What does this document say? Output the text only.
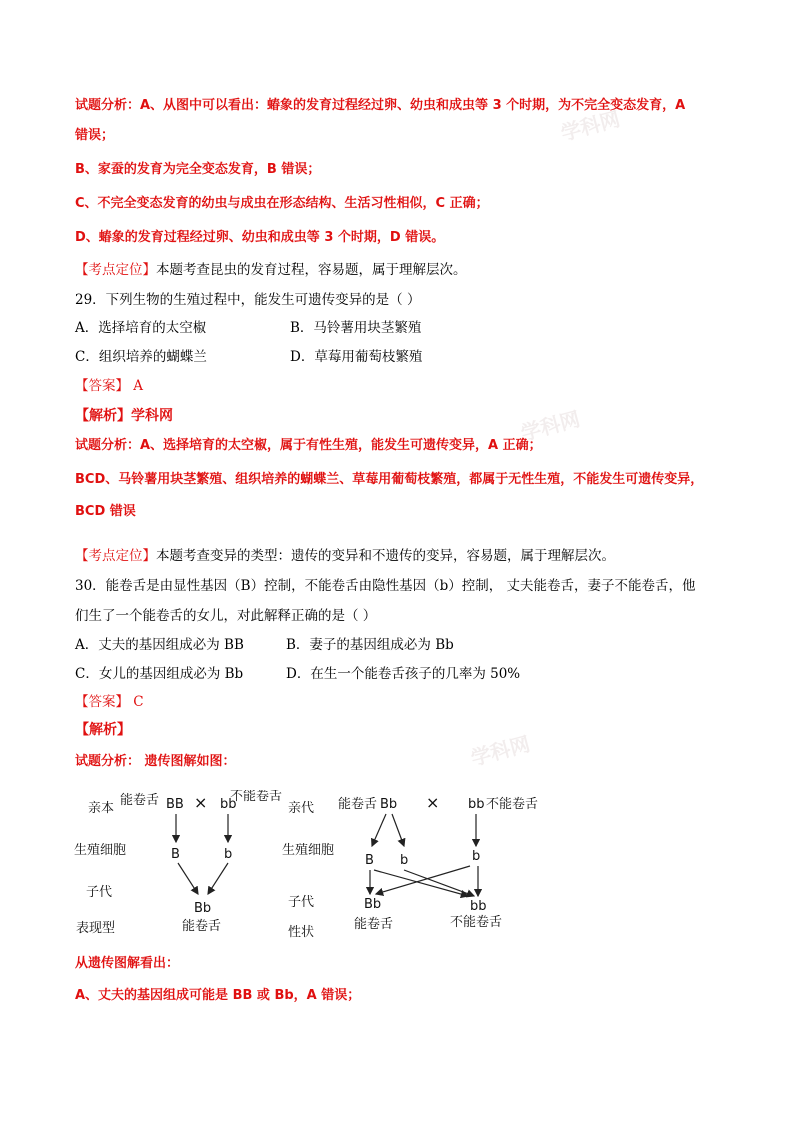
学科网
学科网
学科网
试题分析：A、从图中可以看出：蝽象的发育过程经过卵、幼虫和成虫等 3 个时期，为不完全变态发育，A
错误；
B、家蚕的发育为完全变态发育，B 错误；
C、不完全变态发育的幼虫与成虫在形态结构、生活习性相似，C 正确；
D、蝽象的发育过程经过卵、幼虫和成虫等 3 个时期，D 错误。
【考点定位】本题考查昆虫的发育过程，容易题，属于理解层次。
29．下列生物的生殖过程中，能发生可遗传变异的是（ ）
A．选择培育的太空椒	B．马铃薯用块茎繁殖
C．组织培养的蝴蝶兰	D．草莓用葡萄枝繁殖
【答案】 A
【解析】学科网
试题分析：A、选择培育的太空椒，属于有性生殖，能发生可遗传变异，A 正确；
BCD、马铃薯用块茎繁殖、组织培养的蝴蝶兰、草莓用葡萄枝繁殖，都属于无性生殖，不能发生可遗传变异，
BCD 错误
【考点定位】本题考查变异的类型：遗传的变异和不遗传的变异，容易题，属于理解层次。
30．能卷舌是由显性基因（B）控制，不能卷舌由隐性基因（b）控制， 丈夫能卷舌，妻子不能卷舌，他
们生了一个能卷舌的女儿，对此解释正确的是（ ）
A．丈夫的基因组成必为 BB	B．妻子的基因组成必为 Bb
C．女儿的基因组成必为 Bb	D．在生一个能卷舌孩子的几率为 50%
【答案】 C
【解析】
试题分析： 遗传图解如图：
亲本
能卷舌 BB × bb
不能卷舌
生殖细胞	B	b
子代
Bb
表现型	能卷舌
亲代 能卷舌 Bb × bb 不能卷舌
生殖细胞
B b	b
子代	Bb	bb
性状
能卷舌	不能卷舌
从遗传图解看出：
A、丈夫的基因组成可能是 BB 或 Bb，A 错误；
